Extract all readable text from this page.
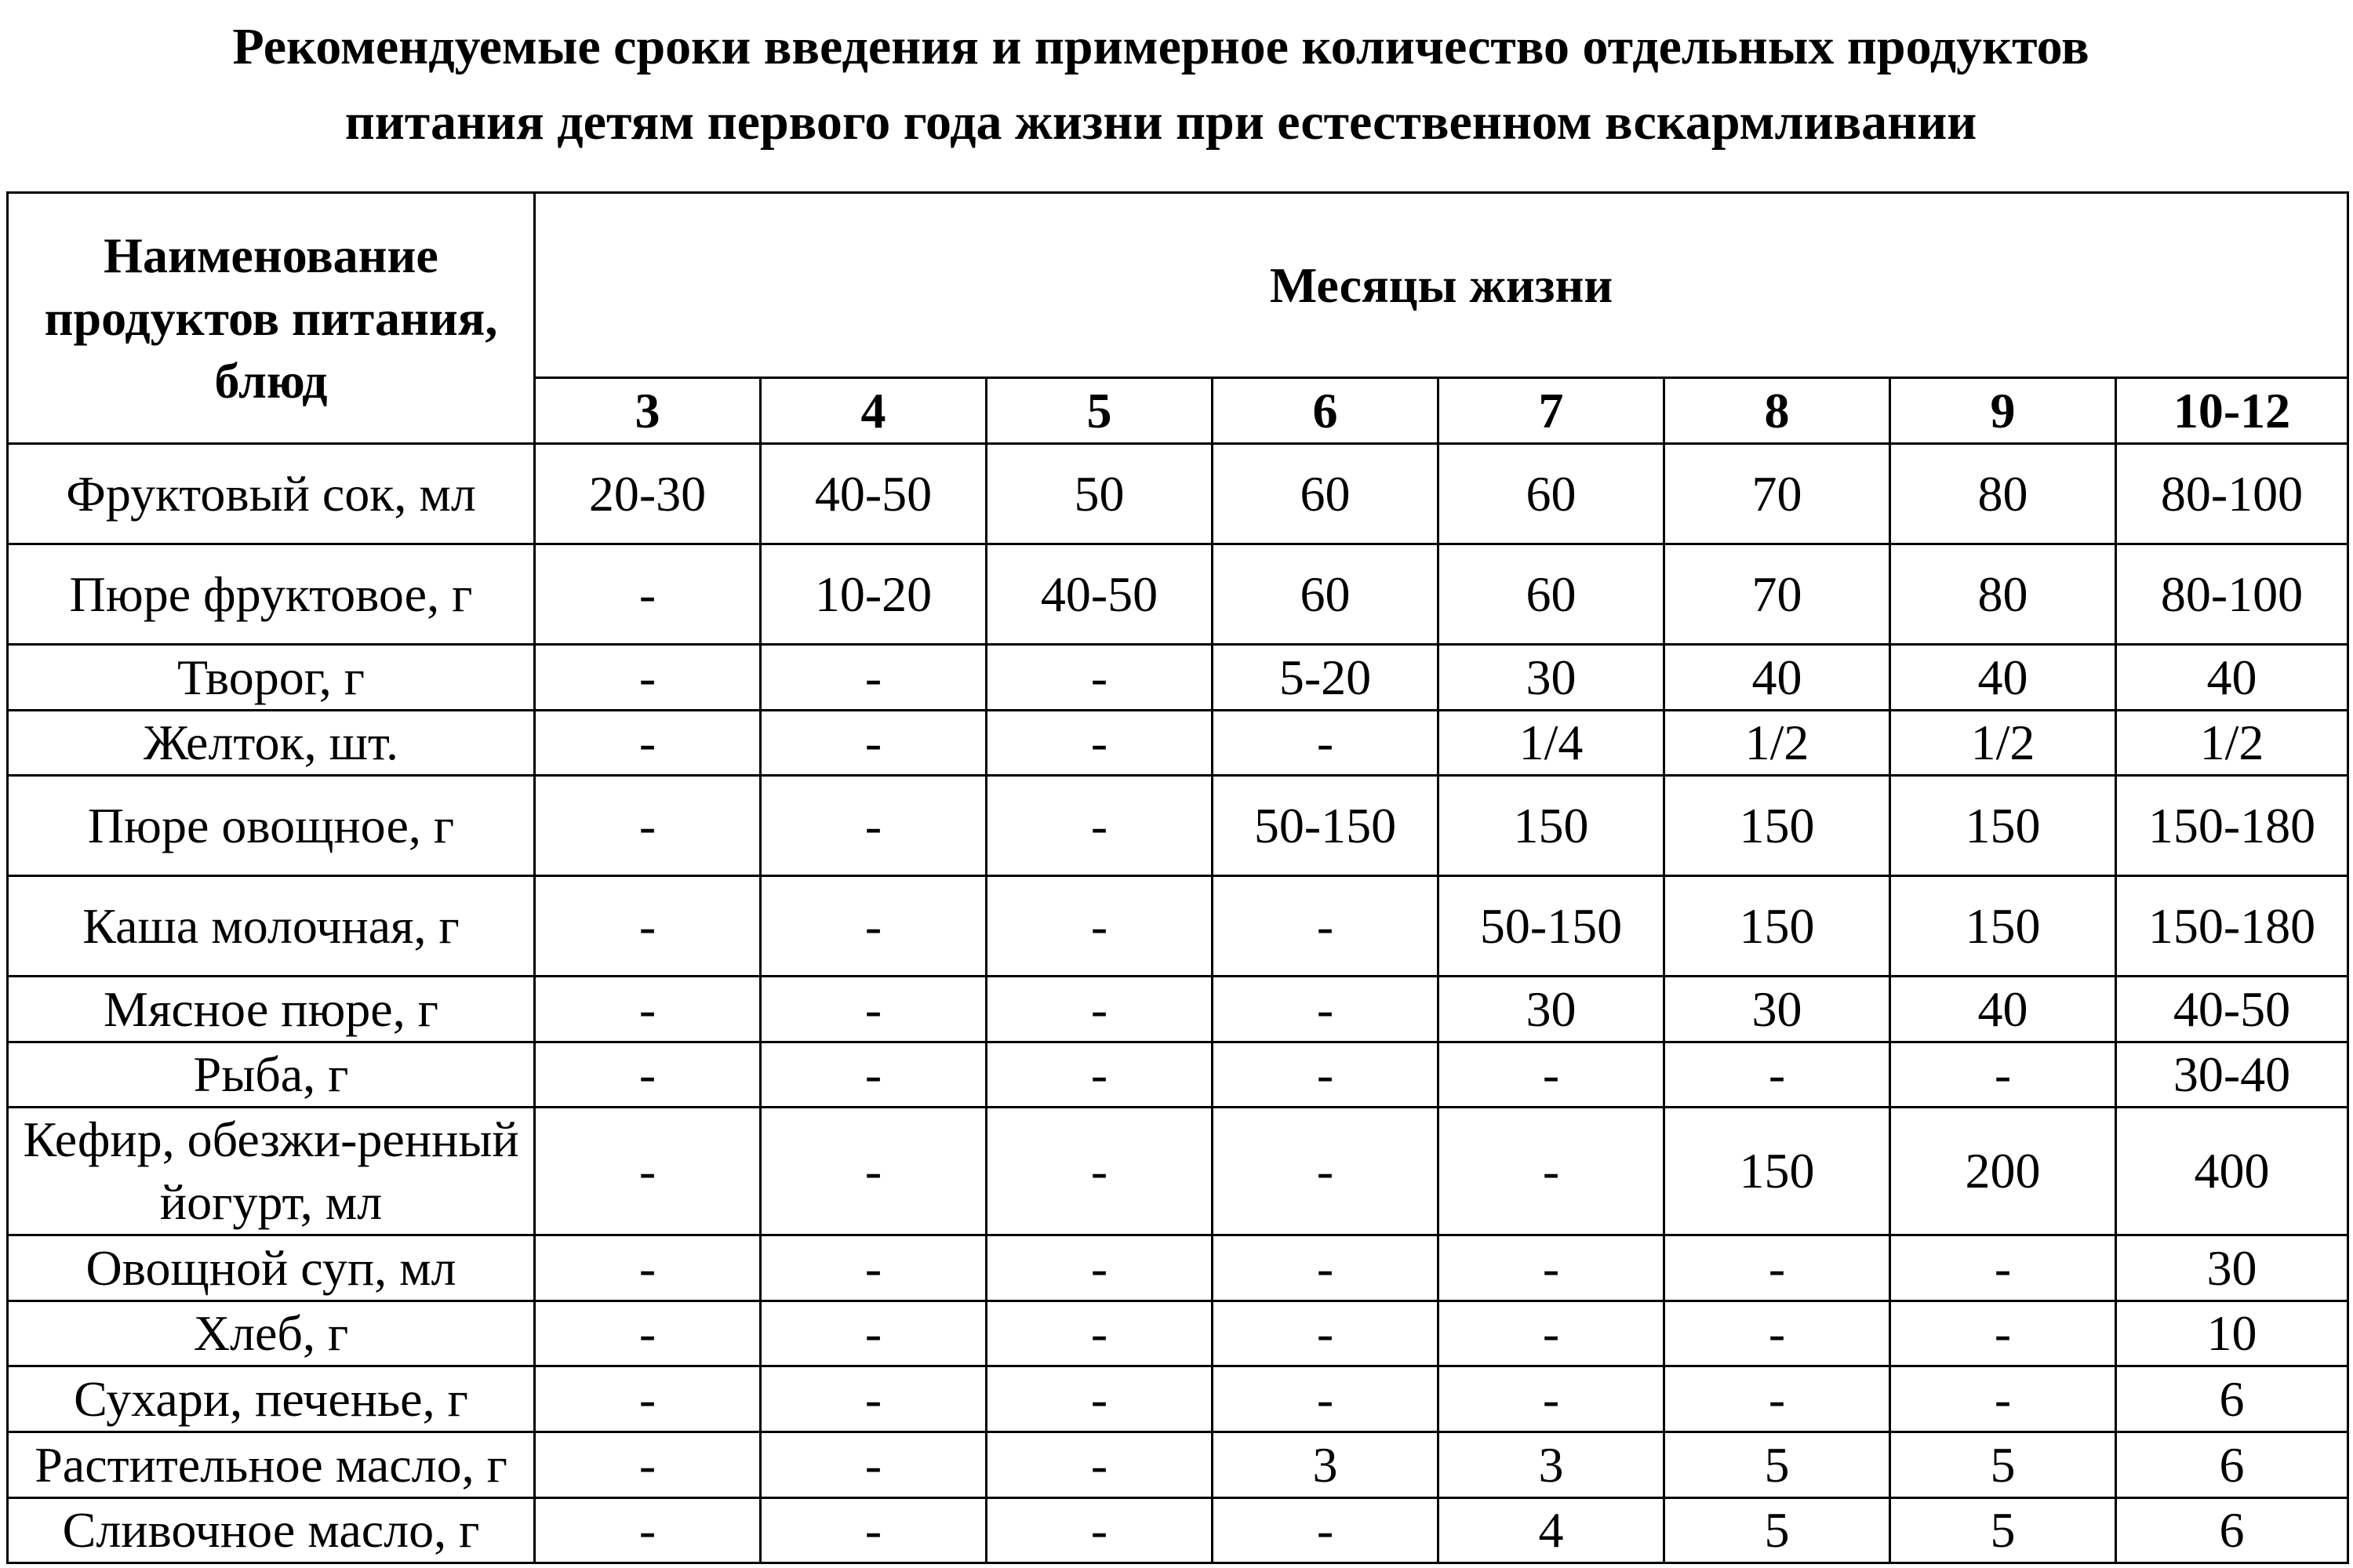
Рекомендуемые сроки введения и примерное количество отдельных продуктов
питания детям первого года жизни при естественном вскармливании
Наименование продуктов питания, блюд	Месяцы жизни							
	3	4	5	6	7	8	9	10-12
Фруктовый сок, мл	20-30	40-50	50	60	60	70	80	80-100
Пюре фруктовое, г	-	10-20	40-50	60	60	70	80	80-100
Творог, г	-	-	-	5-20	30	40	40	40
Желток, шт.	-	-	-	-	1/4	1/2	1/2	1/2
Пюре овощное, г	-	-	-	50-150	150	150	150	150-180
Каша молочная, г	-	-	-	-	50-150	150	150	150-180
Мясное пюре, г	-	-	-	-	30	30	40	40-50
Рыба, г	-	-	-	-	-	-	-	30-40
Кефир, обезжи-ренный йогурт, мл	-	-	-	-	-	150	200	400
Овощной суп, мл	-	-	-	-	-	-	-	30
Хлеб, г	-	-	-	-	-	-	-	10
Сухари, печенье, г	-	-	-	-	-	-	-	6
Растительное масло, г	-	-	-	3	3	5	5	6
Сливочное масло, г	-	-	-	-	4	5	5	6
